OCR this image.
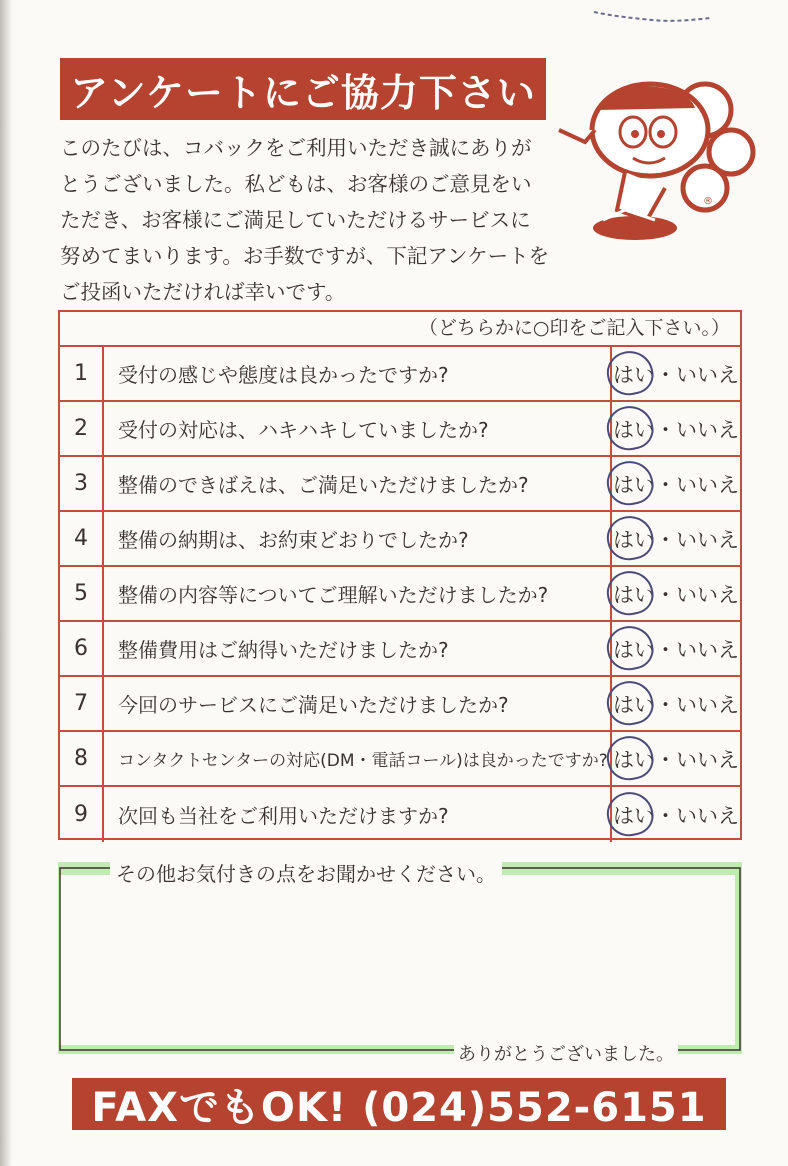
アンケートにご協力下さい
このたびは、コバックをご利用いただき誠にありがとうございました。私どもは、お客様のご意見をいただき、お客様にご満足していただけるサービスに努めてまいります。お手数ですが、下記アンケートをご投函いただければ幸いです。
®
（どちらかに○印をご記入下さい。）
1	受付の感じや態度は良かったですか?	はい ・ いいえ
2	受付の対応は、ハキハキしていましたか?	はい ・ いいえ
3	整備のできばえは、ご満足いただけましたか?	はい ・ いいえ
4	整備の納期は、お約束どおりでしたか?	はい ・ いいえ
5	整備の内容等についてご理解いただけましたか?	はい ・ いいえ
6	整備費用はご納得いただけましたか?	はい ・ いいえ
7	今回のサービスにご満足いただけましたか?	はい ・ いいえ
8	コンタクトセンターの対応(DM・電話コール)は良かったですか? はい ・ いいえ
9	次回も当社をご利用いただけますか?	はい ・ いいえ
その他お気付きの点をお聞かせください。
ありがとうございました。
FAXでもOK! (024)552-6151
